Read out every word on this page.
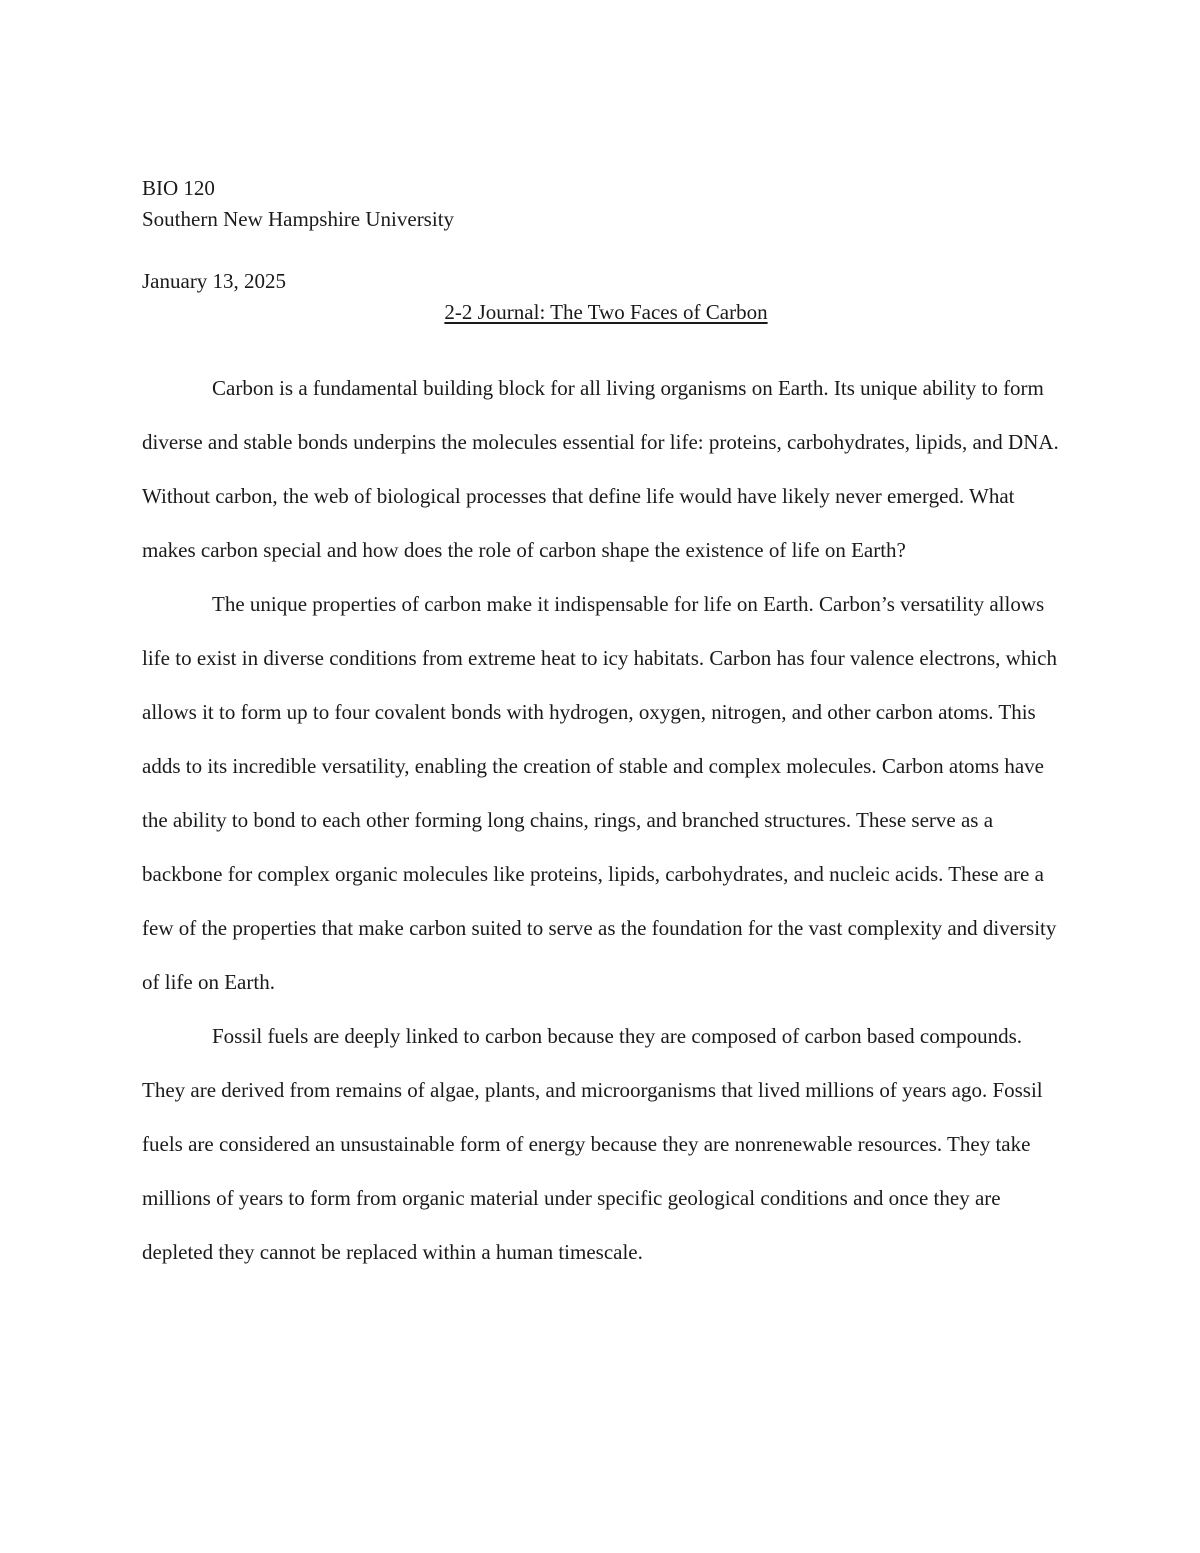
BIO 120

Southern New Hampshire University

January 13, 2025

2-2 Journal: The Two Faces of Carbon

Carbon is a fundamental building block for all living organisms on Earth. Its unique ability to form diverse and stable bonds underpins the molecules essential for life: proteins, carbohydrates, lipids, and DNA. Without carbon, the web of biological processes that define life would have likely never emerged. What makes carbon special and how does the role of carbon shape the existence of life on Earth?

The unique properties of carbon make it indispensable for life on Earth. Carbon’s versatility allows life to exist in diverse conditions from extreme heat to icy habitats. Carbon has four valence electrons, which allows it to form up to four covalent bonds with hydrogen, oxygen, nitrogen, and other carbon atoms. This adds to its incredible versatility, enabling the creation of stable and complex molecules. Carbon atoms have the ability to bond to each other forming long chains, rings, and branched structures. These serve as a backbone for complex organic molecules like proteins, lipids, carbohydrates, and nucleic acids. These are a few of the properties that make carbon suited to serve as the foundation for the vast complexity and diversity of life on Earth.

Fossil fuels are deeply linked to carbon because they are composed of carbon based compounds. They are derived from remains of algae, plants, and microorganisms that lived millions of years ago. Fossil fuels are considered an unsustainable form of energy because they are nonrenewable resources. They take millions of years to form from organic material under specific geological conditions and once they are depleted they cannot be replaced within a human timescale.
